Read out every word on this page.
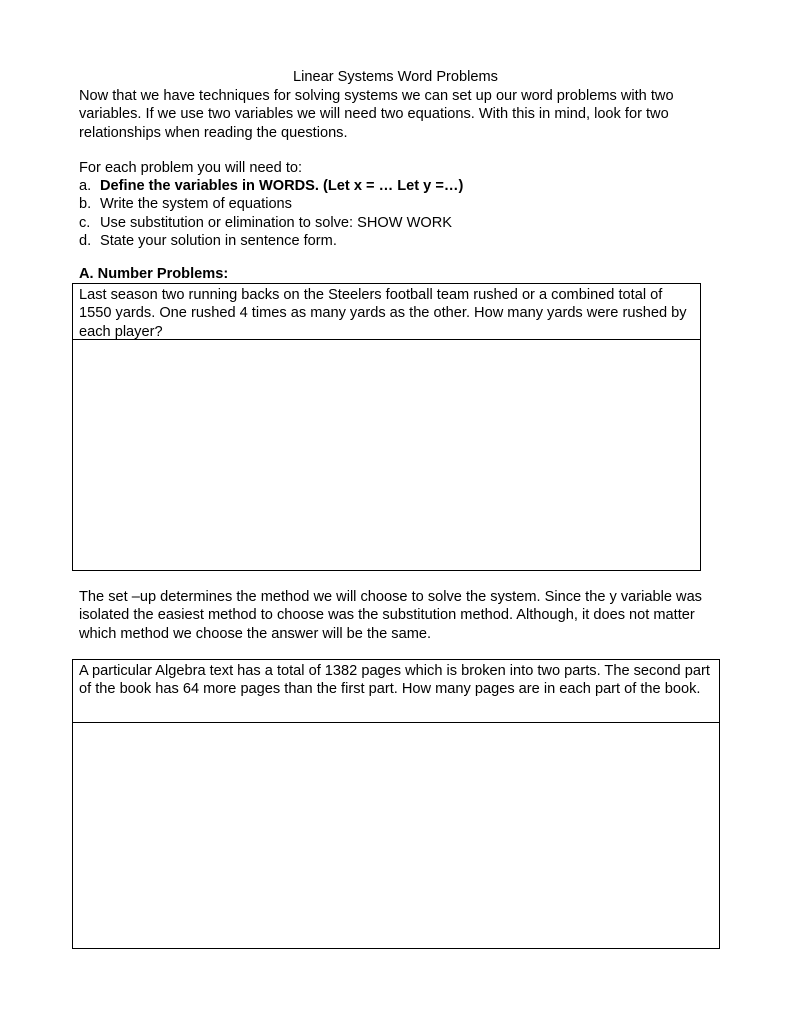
Linear Systems Word Problems
Now that we have techniques for solving systems we can set up our word problems with two variables. If we use two variables we will need two equations. With this in mind, look for two relationships when reading the questions.
For each problem you will need to:
a. Define the variables in WORDS. (Let x = … Let y =…)
b. Write the system of equations
c. Use substitution or elimination to solve: SHOW WORK
d. State your solution in sentence form.
A. Number Problems:
Last season two running backs on the Steelers football team rushed or a combined total of 1550 yards. One rushed 4 times as many yards as the other. How many yards were rushed by each player?
The set –up determines the method we will choose to solve the system. Since the y variable was isolated the easiest method to choose was the substitution method. Although, it does not matter which method we choose the answer will be the same.
A particular Algebra text has a total of 1382 pages which is broken into two parts. The second part of the book has 64 more pages than the first part. How many pages are in each part of the book.
